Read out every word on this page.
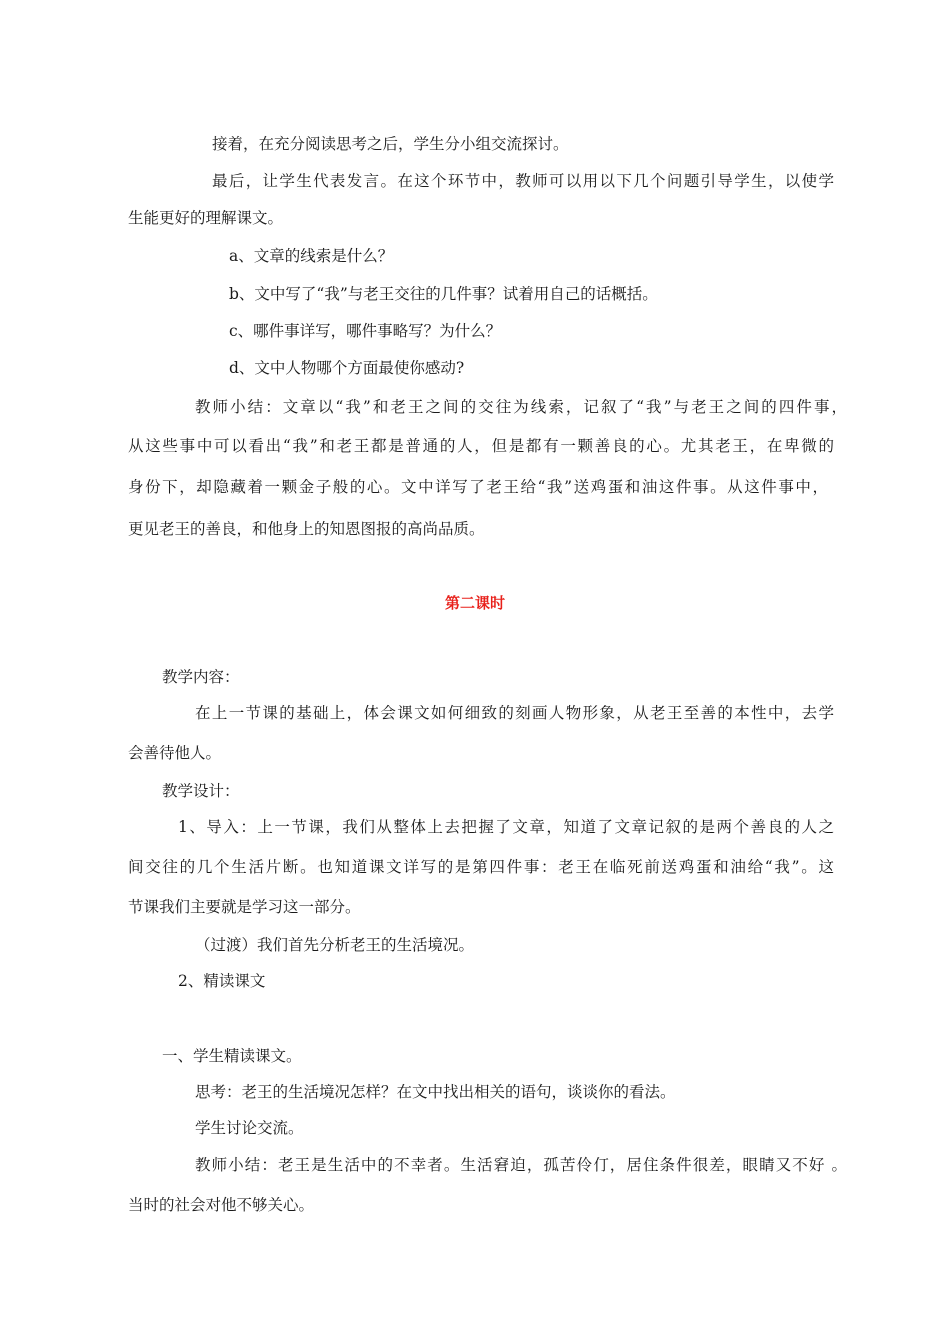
接着，在充分阅读思考之后，学生分小组交流探讨。
最后，让学生代表发言。在这个环节中，教师可以用以下几个问题引导学生，以使学
生能更好的理解课文。
a、文章的线索是什么？
b、文中写了“我”与老王交往的几件事？试着用自己的话概括。
c、哪件事详写，哪件事略写？为什么？
d、文中人物哪个方面最使你感动?
教师小结：文章以“我”和老王之间的交往为线索，记叙了“我”与老王之间的四件事，
从这些事中可以看出“我”和老王都是普通的人，但是都有一颗善良的心。尤其老王，在卑微的
身份下，却隐藏着一颗金子般的心。文中详写了老王给“我”送鸡蛋和油这件事。从这件事中，
更见老王的善良，和他身上的知恩图报的高尚品质。
第二课时
教学内容：
在上一节课的基础上，体会课文如何细致的刻画人物形象，从老王至善的本性中，去学
会善待他人。
教学设计：
1、导入：上一节课，我们从整体上去把握了文章，知道了文章记叙的是两个善良的人之
间交往的几个生活片断。也知道课文详写的是第四件事：老王在临死前送鸡蛋和油给“我”。这
节课我们主要就是学习这一部分。
（过渡）我们首先分析老王的生活境况。
2、精读课文
一、学生精读课文。
思考：老王的生活境况怎样？在文中找出相关的语句，谈谈你的看法。
学生讨论交流。
教师小结：老王是生活中的不幸者。生活窘迫，孤苦伶仃，居住条件很差，眼睛又不好 。
当时的社会对他不够关心。
